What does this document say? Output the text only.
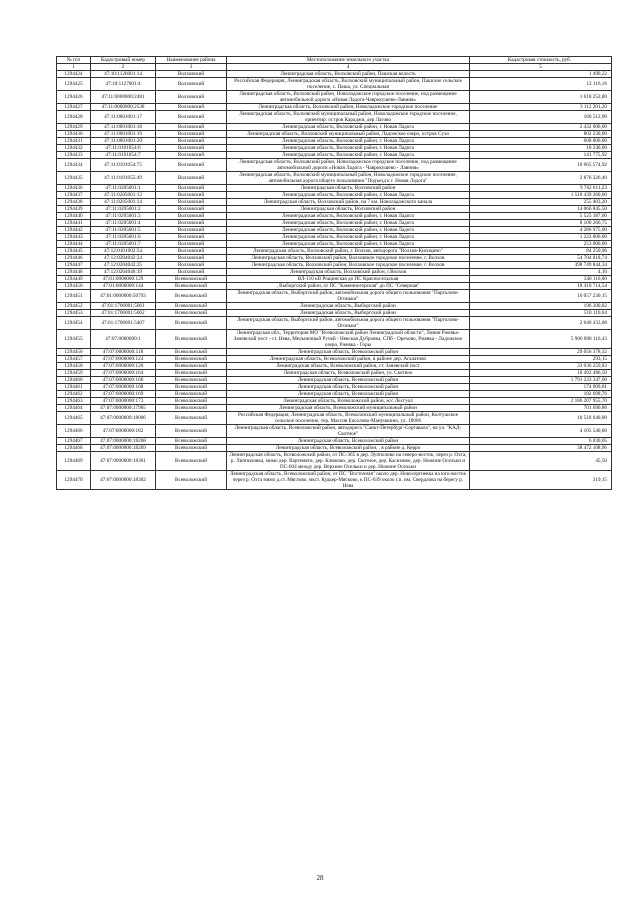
№ п/п	Кадастровый номер	Наименование района	Местоположение земельного участка	Кадастровая стоимость, руб.
1	2	3	4	5
1294424	47:10:1126001:14	Волховский	Ленинградская область, Волховский район, Пашская волость	1 490,22
1294425	47:10:1127001:4	Волховский	Российская Федерация, Ленинградская область, Волховский муниципальный район, Пашское сельское поселение, с. Паша, ул. Специальная	12 116,16
1294426	47:11:0000000:2481	Волховский	Ленинградская область, Волховский район, Новоладожское городское поселение, под размещение автомобильной дороги «Новая Ладога-Чаврокушево-Лавния»	1 618 252,80
1294427	47:11:0000000:2538	Волховский	Ленинградская область, Волховский район, Новоладожское городское поселение	3 112 201,20
1294428	47:11:0001001:17	Волховский	Ленинградская область, Волховский муниципальный район, Новоладожское городское поселение, ориентир: остров Караджи, дер Лагово	160 512,90
1294429	47:11:0001001:18	Волховский	Ленинградская область, Волховский район, г. Новая Ладога	2 432 000,00
1294430	47:11:0001001:19	Волховский	Ленинградская область, Волховский муниципальный район, Ладожское озеро, остров Сухо	802 230,00
1294431	47:11:0001001:20	Волховский	Ленинградская область, Волховский район, г. Новая Ладога	608 000,00
1294432	47:11:0101054:6	Волховский	Ленинградская область, Волховский район, г. Новая Ладога	18 240,00
1294433	47:11:0101054:7	Волховский	Ленинградская область, Волховский район, г. Новая Ладога	141 775,92
1294434	47:11:0101054:75	Волховский	Ленинградская область, Волховский район, Новоладожское городское поселение, под размещение автомобильной дороги «Новая Ладога - Чаврокушево - Лавния»	10 665 574,92
1294435	47:11:0101055:49	Волховский	Ленинградская область, Волховский муниципальный район, Новоладожское городское поселение, автомобильная дорога общего пользования "Подъезд к г. Новая Ладога"	2 876 326,40
1294436	47:11:0205001:1	Волховский	Ленинградская область, Волховский район	9 762 611,23
1294437	47:11:0205001:12	Волховский	Ленинградская область, Волховский район, г. Новая Ладога	1 518 439 360,00
1294438	47:11:0205001:14	Волховский	Ленинградская область, Волховский район, на 7 км. Новоладожского канала	255 403,20
1294439	47:11:0205001:2	Волховский	Ленинградская область, Волховский район	14 066 845,50
1294440	47:11:0205001:3	Волховский	Ленинградская область, Волховский район, г. Новая Ладога	5 525 187,00
1294441	47:11:0205001:4	Волховский	Ленинградская область, Волховский район, г. Новая Ладога	8 100 266,75
1294442	47:11:0205001:5	Волховский	Ленинградская область, Волховский район, г. Новая Ладога	4 286 975,00
1294443	47:11:0205001:6	Волховский	Ленинградская область, Волховский район, г. Новая Ладога	1 222 000,00
1294444	47:11:0205001:7	Волховский	Ленинградская область, Волховский район, г. Новая Ладога	253 000,00
1294445	47:12:0101002:54	Волховский	Ленинградская область, Волховский район, г. Волхов, автодорога "Волхов-Кисицино"	84 250,96
1294446	47:12:0204042:24	Волховский	Ленинградская область, Волховский район, Волховское городское поселение, г. Волхов	54 704 818,74
1294447	47:12:0204042:25	Волховский	Ленинградская область, Волховский район, Волховское городское поселение, г. Волхов	398 749 844,34
1294448	47:12:0204046:19	Волховский	Ленинградская область, Волховский район, г.Волхов	4,10
1294449	47:01:0000000:129	Всеволожский	ВЛ-110 кВ Рощинская до ПС Красносельская	340 116,00
1294450	47:01:0000000:144	Всеволожский	, Выборгский район, от ПС "Каменногорская" до ПС "Северная"	18 410 714,54
1294451	47:01:0000000:50793	Всеволожский	Ленинградская область, Выборгский район, автомобильная дорога общего пользования "Парголово-Огоньки"	10 057 230,15
1294452	47:01:1706001:5061	Всеволожский	Ленинградская область, Выборгский район	196 200,82
1294453	47:01:1706001:5062	Всеволожский	Ленинградская область, Выборгский район	518 110,04
1294454	47:01:1706001:5407	Всеволожский	Ленинградская область, Выборгский район, автомобильная дорога общего пользования "Парголово-Огоньки"	2 640 433,88
1294455	47:07:0000000:1	Всеволожский	Ленинградская обл., Территория МО "Всеволожский район Ленинградской области", Линия Ржевка-Заневский пост - ст. Нева, Мельничный Ручей - Невская Дубровка, СПб - Орехово, Ржевка - Ладожское озеро, Ржевка - Горы	5 906 890 116,43
1294456	47:07:0000000:118	Всеволожский	Ленинградская область, Всеволожский район	29 056 378,32
1294457	47:07:0000000:124	Всеволожский	Ленинградская область, Всеволожский район, в районе дер. Агалатово	293,15
1294458	47:07:0000000:126	Всеволожский	Ленинградская область, Всеволожский район, ст. Заневский пост	33 036 259,83
1294459	47:07:0000000:164	Всеволожский	Ленинградская область, Всеволожский район, ул. Скотное	10 492 486,50
1294460	47:07:0000000:166	Всеволожский	Ленинградская область, Всеволожский район	1 791 233 347,00
1294461	47:07:0000000:168	Всеволожский	Ленинградская область, Всеволожский район	174 909,81
1294462	47:07:0000000:169	Всеволожский	Ленинградская область, Всеволожский район	182 698,76
1294463	47:07:0000000:173	Всеволожский	Ленинградская область, Всеволожский район, ж/с Лесгуол	2 186 207 955,70
1294464	47:07:0000000:17965	Всеволожский	Ленинградская область, Всеволожский муниципальный район	701 690,86
1294465	47:07:0000000:18006	Всеволожский	Российская Федерация, Ленинградская область, Всеволожский муниципальный район, Колтушское сельское поселение, тер. Массив Ексолово-Манушкино, ул. 18006	10 518 640,00
1294466	47:07:0000000:182	Всеволожский	Ленинградская область, Всеволожский район, автодорога "Санкт-Петербург-Сортавала", на уч. "КАД-Скотное"	4 105 540,80
1294467	47:07:0000000:18268	Всеволожский	Ленинградская область, Всеволожский район	6 030,05
1294468	47:07:0000000:18269	Всеволожский	Ленинградская область, Всеволожский район, , в районе д. Керро	38 472 108,96
1294469	47:07:0000000:18301	Всеволожский	Ленинградская область, Всеволожский район, от ПС-365 в дер. Лупполово на северо-восток, через р. Охта, р. Липпиловка, мимо дер. Вартемяги, дер. Клюково, дер. Скотное, дер. Касимово, дер. Нижние Осельки и ПС-604 между дер. Верхние Осельки и дер. Нижние Осельки	45,50
1294470	47:07:0000000:18302	Всеволожский	Ленинградская область, Всеволожский район, от ПС "Восточная" около дер. Новосергиевка на юго-восток через р. Охта мимо д.ст. Мяглово, мкст. Кудьер-Мясково, к ПС-639 около г.п. им. Свердлова на берегу р. Нева	319,15
28
